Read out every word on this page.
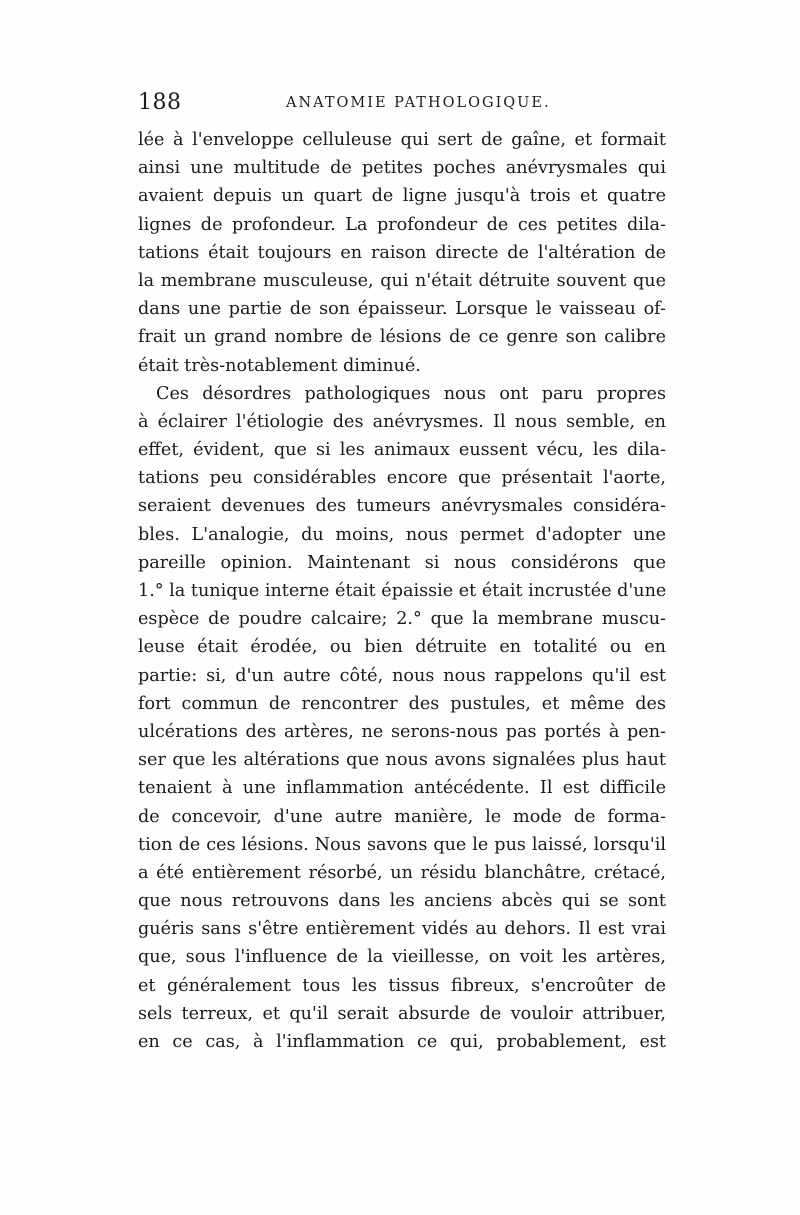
188	ANATOMIE PATHOLOGIQUE.
lée à l'enveloppe celluleuse qui sert de gaîne, et formait
ainsi une multitude de petites poches anévrysmales qui
avaient depuis un quart de ligne jusqu'à trois et quatre
lignes de profondeur. La profondeur de ces petites dila-
tations était toujours en raison directe de l'altération de
la membrane musculeuse, qui n'était détruite souvent que
dans une partie de son épaisseur. Lorsque le vaisseau of-
frait un grand nombre de lésions de ce genre son calibre
était très-notablement diminué.
Ces désordres pathologiques nous ont paru propres
à éclairer l'étiologie des anévrysmes. Il nous semble, en
effet, évident, que si les animaux eussent vécu, les dila-
tations peu considérables encore que présentait l'aorte,
seraient devenues des tumeurs anévrysmales considéra-
bles. L'analogie, du moins, nous permet d'adopter une
pareille opinion. Maintenant si nous considérons que
1.° la tunique interne était épaissie et était incrustée d'une
espèce de poudre calcaire; 2.° que la membrane muscu-
leuse était érodée, ou bien détruite en totalité ou en
partie: si, d'un autre côté, nous nous rappelons qu'il est
fort commun de rencontrer des pustules, et même des
ulcérations des artères, ne serons-nous pas portés à pen-
ser que les altérations que nous avons signalées plus haut
tenaient à une inflammation antécédente. Il est difficile
de concevoir, d'une autre manière, le mode de forma-
tion de ces lésions. Nous savons que le pus laissé, lorsqu'il
a été entièrement résorbé, un résidu blanchâtre, crétacé,
que nous retrouvons dans les anciens abcès qui se sont
guéris sans s'être entièrement vidés au dehors. Il est vrai
que, sous l'influence de la vieillesse, on voit les artères,
et généralement tous les tissus fibreux, s'encroûter de
sels terreux, et qu'il serait absurde de vouloir attribuer,
en ce cas, à l'inflammation ce qui, probablement, est
